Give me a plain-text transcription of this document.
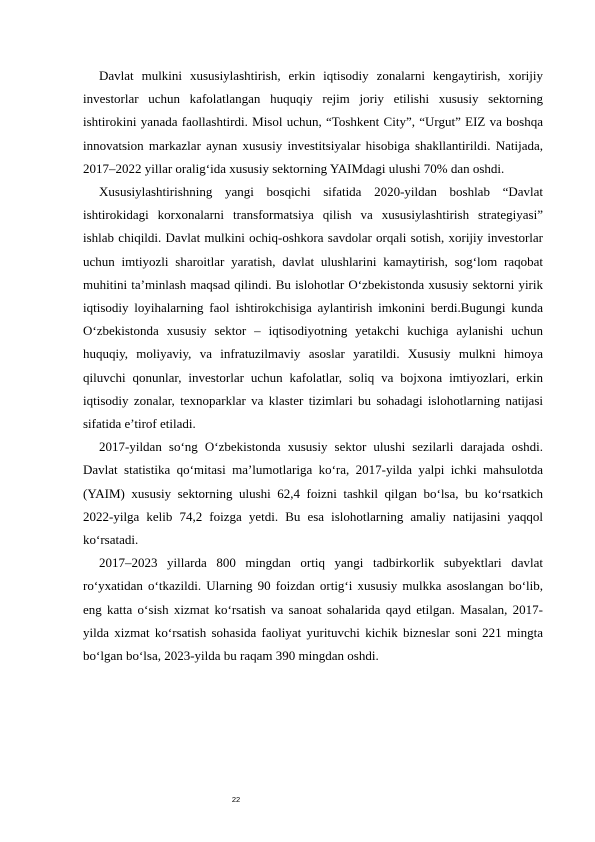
Davlat mulkini xususiylashtirish, erkin iqtisodiy zonalarni kengaytirish, xorijiy investorlar uchun kafolatlangan huquqiy rejim joriy etilishi xususiy sektorning ishtirokini yanada faollashtirdi. Misol uchun, “Toshkent City”, “Urgut” EIZ va boshqa innovatsion markazlar aynan xususiy investitsiyalar hisobiga shakllantirildi. Natijada, 2017–2022 yillar oralig‘ida xususiy sektorning YAIMdagi ulushi 70% dan oshdi.

Xususiylashtirishning yangi bosqichi sifatida 2020-yildan boshlab “Davlat ishtirokidagi korxonalarni transformatsiya qilish va xususiylashtirish strategiyasi” ishlab chiqildi. Davlat mulkini ochiq-oshkora savdolar orqali sotish, xorijiy investorlar uchun imtiyozli sharoitlar yaratish, davlat ulushlarini kamaytirish, sog‘lom raqobat muhitini ta’minlash maqsad qilindi. Bu islohotlar O‘zbekistonda xususiy sektorni yirik iqtisodiy loyihalarning faol ishtirokchisiga aylantirish imkonini berdi.Bugungi kunda O‘zbekistonda xususiy sektor – iqtisodiyotning yetakchi kuchiga aylanishi uchun huquqiy, moliyaviy, va infratuzilmaviy asoslar yaratildi. Xususiy mulkni himoya qiluvchi qonunlar, investorlar uchun kafolatlar, soliq va bojxona imtiyozlari, erkin iqtisodiy zonalar, texnoparklar va klaster tizimlari bu sohadagi islohotlarning natijasi sifatida e’tirof etiladi.

2017-yildan so‘ng O‘zbekistonda xususiy sektor ulushi sezilarli darajada oshdi. Davlat statistika qo‘mitasi ma’lumotlariga ko‘ra, 2017-yilda yalpi ichki mahsulotda (YAIM) xususiy sektorning ulushi 62,4 foizni tashkil qilgan bo‘lsa, bu ko‘rsatkich 2022-yilga kelib 74,2 foizga yetdi. Bu esa islohotlarning amaliy natijasini yaqqol ko‘rsatadi.

2017–2023 yillarda 800 mingdan ortiq yangi tadbirkorlik subyektlari davlat ro‘yxatidan o‘tkazildi. Ularning 90 foizdan ortig‘i xususiy mulkka asoslangan bo‘lib, eng katta o‘sish xizmat ko‘rsatish va sanoat sohalarida qayd etilgan. Masalan, 2017-yilda xizmat ko‘rsatish sohasida faoliyat yurituvchi kichik bizneslar soni 221 mingta bo‘lgan bo‘lsa, 2023-yilda bu raqam 390 mingdan oshdi.

22
